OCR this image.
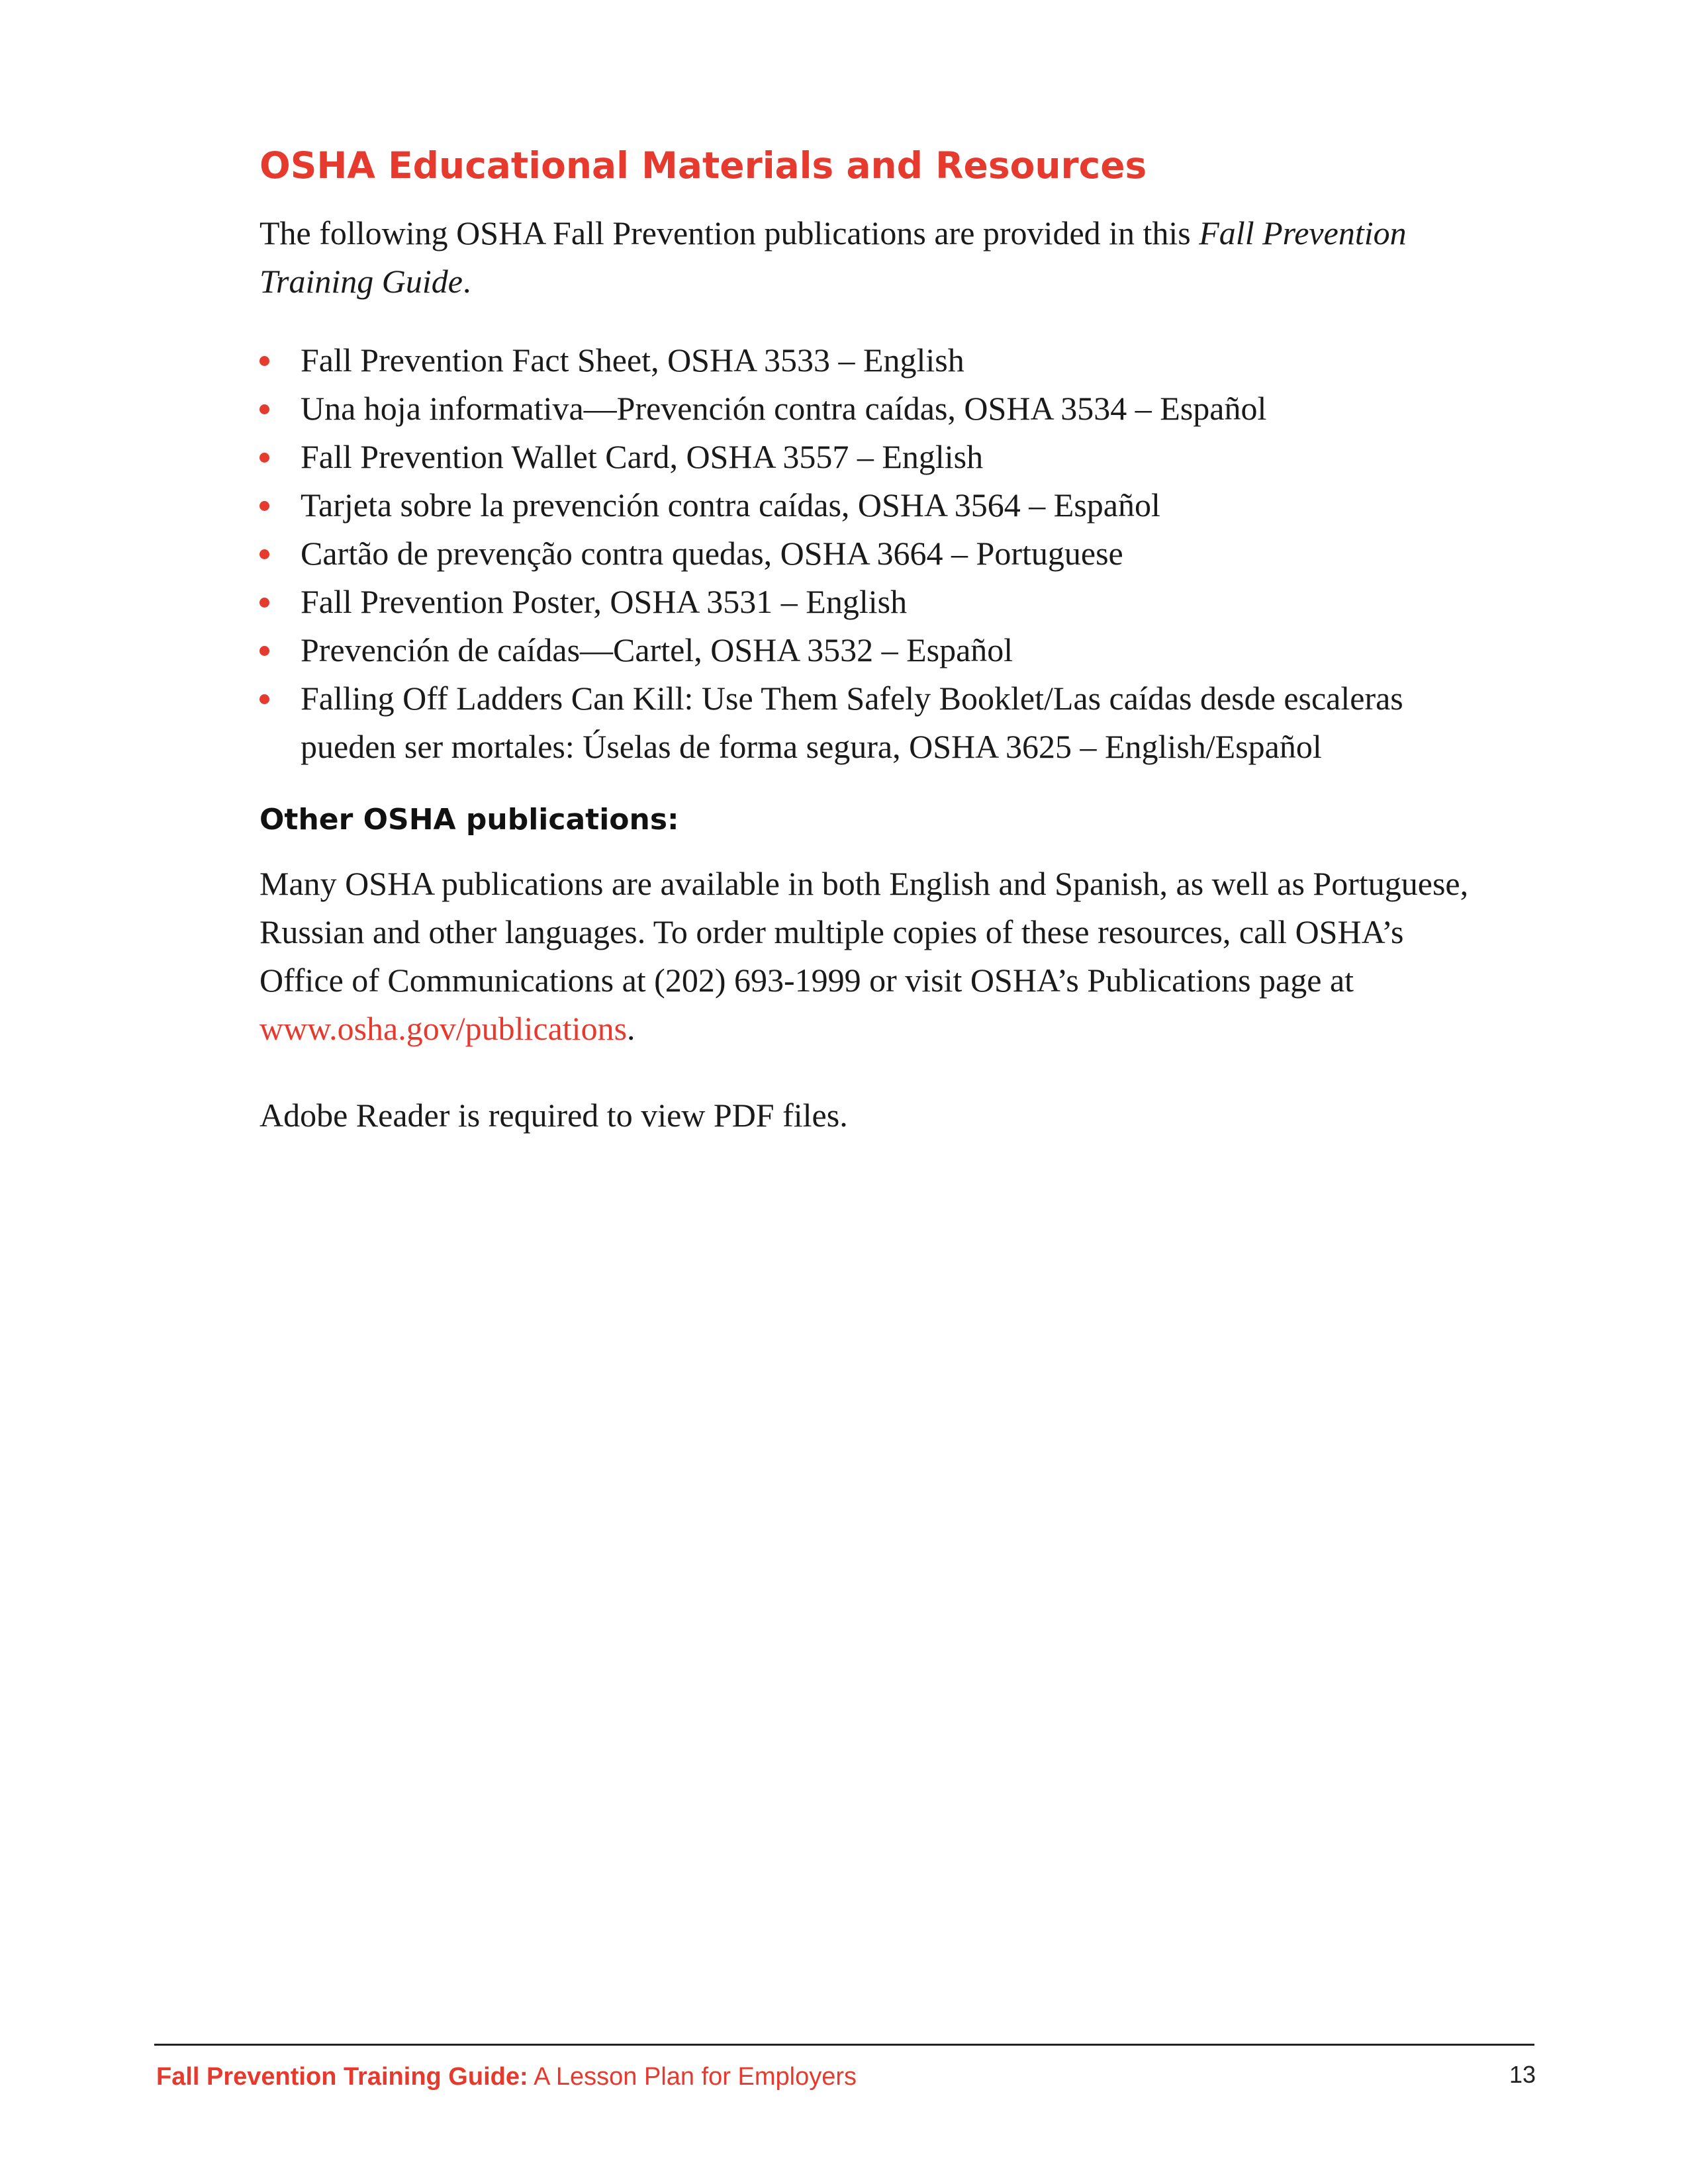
OSHA Educational Materials and Resources

The following OSHA Fall Prevention publications are provided in this Fall Prevention Training Guide.

Fall Prevention Fact Sheet, OSHA 3533 – English
Una hoja informativa—Prevención contra caídas, OSHA 3534 – Español
Fall Prevention Wallet Card, OSHA 3557 – English
Tarjeta sobre la prevención contra caídas, OSHA 3564 – Español
Cartão de prevenção contra quedas, OSHA 3664 – Portuguese
Fall Prevention Poster, OSHA 3531 – English
Prevención de caídas—Cartel, OSHA 3532 – Español
Falling Off Ladders Can Kill: Use Them Safely Booklet/Las caídas desde escaleras pueden ser mortales: Úselas de forma segura, OSHA 3625 – English/Español
Other OSHA publications:

Many OSHA publications are available in both English and Spanish, as well as Portuguese, Russian and other languages. To order multiple copies of these resources, call OSHA’s Office of Communications at (202) 693-1999 or visit OSHA’s Publications page at www.osha.gov/publications.

Adobe Reader is required to view PDF files.

Fall Prevention Training Guide: A Lesson Plan for Employers	13
